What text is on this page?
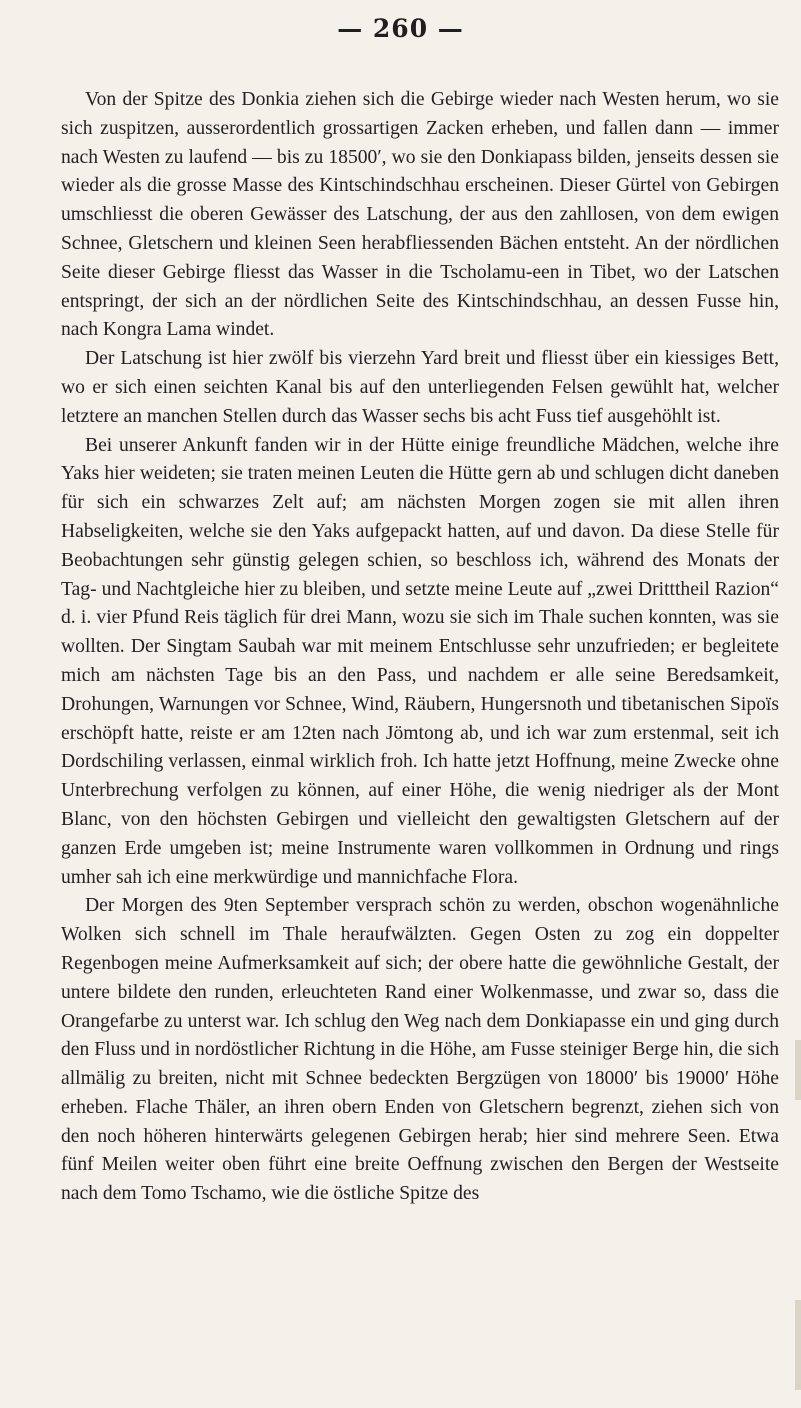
— 260 —

Von der Spitze des Donkia ziehen sich die Gebirge wieder nach Westen herum, wo sie sich zuspitzen, ausserordentlich grossartigen Zacken erheben, und fallen dann — immer nach Westen zu laufend — bis zu 18500′, wo sie den Donkiapass bilden, jenseits dessen sie wieder als die grosse Masse des Kintschindschhau erscheinen. Dieser Gürtel von Gebirgen umschliesst die oberen Gewässer des Latschung, der aus den zahllosen, von dem ewigen Schnee, Gletschern und kleinen Seen herabfliessenden Bächen entsteht. An der nördlichen Seite dieser Gebirge fliesst das Wasser in die Tscholamu-een in Tibet, wo der Latschen entspringt, der sich an der nördlichen Seite des Kintschindschhau, an dessen Fusse hin, nach Kongra Lama windet.

Der Latschung ist hier zwölf bis vierzehn Yard breit und fliesst über ein kiessiges Bett, wo er sich einen seichten Kanal bis auf den unterliegenden Felsen gewühlt hat, welcher letztere an manchen Stellen durch das Wasser sechs bis acht Fuss tief ausgehöhlt ist.

Bei unserer Ankunft fanden wir in der Hütte einige freundliche Mädchen, welche ihre Yaks hier weideten; sie traten meinen Leuten die Hütte gern ab und schlugen dicht daneben für sich ein schwarzes Zelt auf; am nächsten Morgen zogen sie mit allen ihren Habseligkeiten, welche sie den Yaks aufgepackt hatten, auf und davon. Da diese Stelle für Beobachtungen sehr günstig gelegen schien, so beschloss ich, während des Monats der Tag- und Nachtgleiche hier zu bleiben, und setzte meine Leute auf „zwei Dritttheil Razion“ d. i. vier Pfund Reis täglich für drei Mann, wozu sie sich im Thale suchen konnten, was sie wollten. Der Singtam Saubah war mit meinem Entschlusse sehr unzufrieden; er begleitete mich am nächsten Tage bis an den Pass, und nachdem er alle seine Beredsamkeit, Drohungen, Warnungen vor Schnee, Wind, Räubern, Hungersnoth und tibetanischen Sipoïs erschöpft hatte, reiste er am 12ten nach Jömtong ab, und ich war zum erstenmal, seit ich Dordschiling verlassen, einmal wirklich froh. Ich hatte jetzt Hoffnung, meine Zwecke ohne Unterbrechung verfolgen zu können, auf einer Höhe, die wenig niedriger als der Mont Blanc, von den höchsten Gebirgen und vielleicht den gewaltigsten Gletschern auf der ganzen Erde umgeben ist; meine Instrumente waren vollkommen in Ordnung und rings umher sah ich eine merkwürdige und mannichfache Flora.

Der Morgen des 9ten September versprach schön zu werden, obschon wogenähnliche Wolken sich schnell im Thale heraufwälzten. Gegen Osten zu zog ein doppelter Regenbogen meine Aufmerksamkeit auf sich; der obere hatte die gewöhnliche Gestalt, der untere bildete den runden, erleuchteten Rand einer Wolkenmasse, und zwar so, dass die Orangefarbe zu unterst war. Ich schlug den Weg nach dem Donkiapasse ein und ging durch den Fluss und in nordöstlicher Richtung in die Höhe, am Fusse steiniger Berge hin, die sich allmälig zu breiten, nicht mit Schnee bedeckten Bergzügen von 18000′ bis 19000′ Höhe erheben. Flache Thäler, an ihren obern Enden von Gletschern begrenzt, ziehen sich von den noch höheren hinterwärts gelegenen Gebirgen herab; hier sind mehrere Seen. Etwa fünf Meilen weiter oben führt eine breite Oeffnung zwischen den Bergen der Westseite nach dem Tomo Tschamo, wie die östliche Spitze des
